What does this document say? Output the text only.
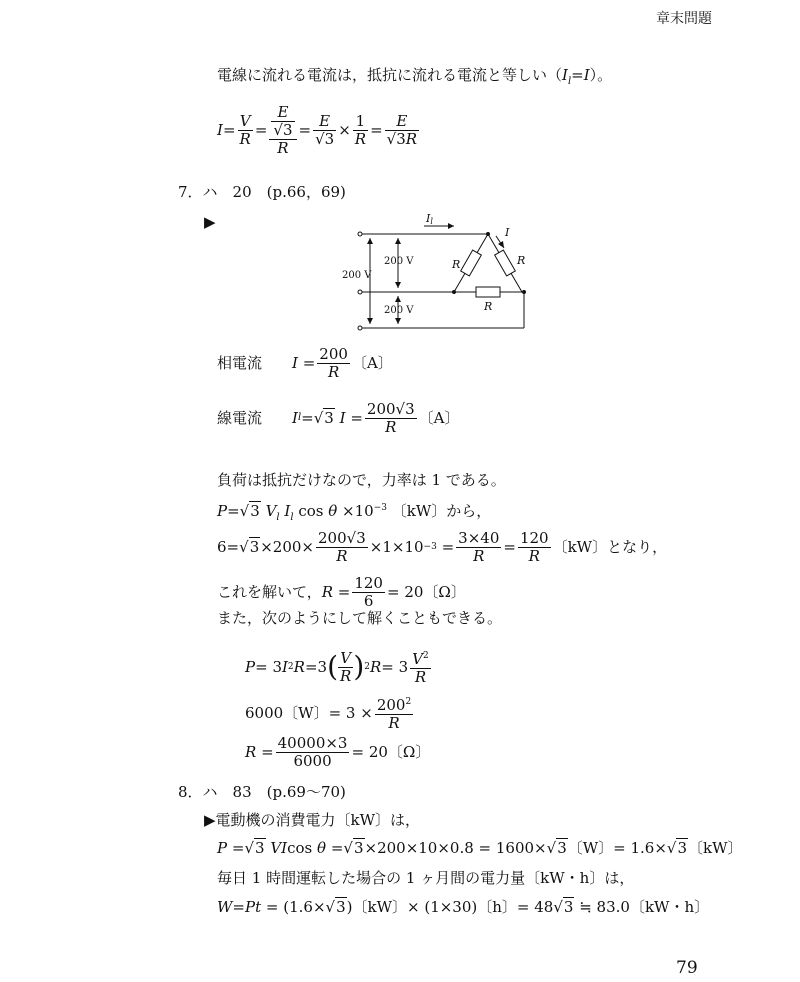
章末問題
79
電線に流れる電流は，抵抗に流れる電流と等しい$(I_l=I)$。
$I = \frac{V}{R} = \frac{\frac{E}{√3}}{R} = \frac{E}{√3} \times \frac{1}{R} = \frac{E}{√3R}$
7．ハ　20　(p.66，69)
▶	Il
I
200 V
200 V
200 V
R	R
R
相電流 $I = \frac{200}{R}$ 〔A〕
線電流 I l = √3
$I = \frac{200√3}{R}$ 〔A〕
負荷は抵抗だけなので，力率は 1 である。
P=√3 $V_l$ $I_l$ $\cos \theta \times 10^{-3}$ 〔kW〕から，
$6 = √3 \times 200\times \frac{200√3}{R} \times 1\times 10 -3 = \frac{3\times 40}{R} = \frac{120}{R}$ 〔kW〕となり，
これを解いて， $R = \frac{120}{6} = 20$〔Ω〕
また，次のようにして解くこともできる。
P = 3 I 2 R = 3 ( $\frac{V}{R}$ ) 2 $R = 3 \frac{V^2}{R}$
6000〔W〕= $3 \times \frac{200^2}{R}$
$R = \frac{40000\times 3}{6000} = 20$〔Ω〕
8．ハ　83　(p.69〜70)
▶電動機の消費電力〔kW〕は，
P =√3 VIcos θ =√3×200×10×0.8 = 1600×√3〔W〕= 1.6×√3〔kW〕
毎日 1 時間運転した場合の 1 ヶ月間の電力量〔kW・h〕は，
W=Pt = (1.6×√3)〔kW〕× (1×30)〔h〕= 48√3 ≒ 83.0〔kW・h〕
